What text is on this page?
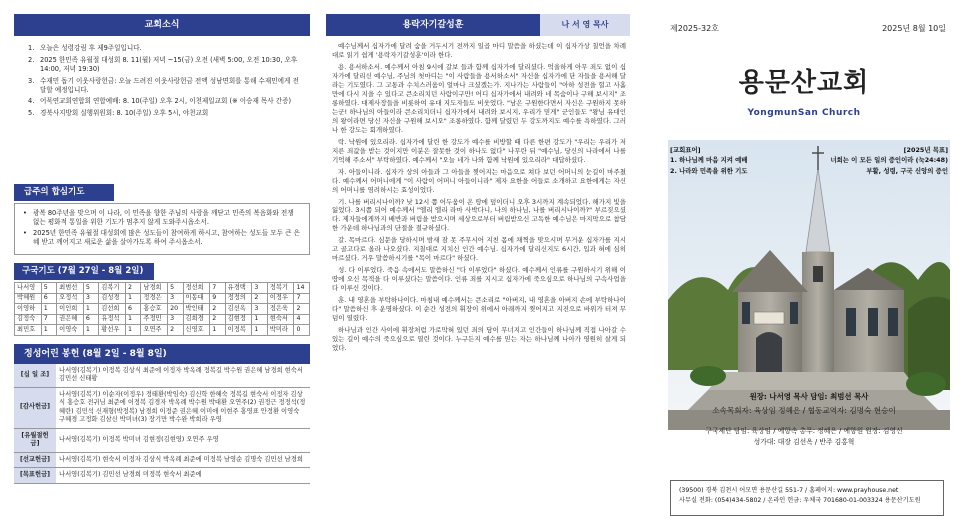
교회소식
1. 오늘은 성령강림 후 제9주일입니다.
2. 2025 한민족 유월절 대성회 8. 11(월) 저녁 ~15(금) 오전 (새벽 5:00, 오전 10:30, 오후 14:00, 저녁 19:30)
3. 수재민 돕기 이웃사랑헌금: 오늘 드려진 이웃사랑헌금 전액 성남면회를 통해 수재민에게 전달할 예정입니다.
4. 어묵연교회연합회 연합예배: 8. 10(주일) 오후 2시, 이천제일교회 (※ 이승재 목사 간증)
5. 경북사지방회 실행위원회: 8. 10(주일) 오후 5시, 야천교회
급주의 합심기도
• 광복 80주년을 맞으며 이 나라, 이 민족을 향한 주님의 사랑을 깨닫고 민족의 복음화와 전쟁 없는 평화적 통일을 위한 기도가 멈추지 않게 도와주시옵소서.
• 2025년 한민족 유월절 대성회에 많은 성도들이 참여하게 하시고, 참여하는 성도들 모두 큰 은혜 받고 깨어지고 새로운 삶을 살아가도록 하여 주시옵소서.
구국기도 (7월 27일 - 8월 2일)
나서영	5	최범선	5	김복기	2	남경희	5	정선희	7	유경택	3	정복기	14
박혜원	6	오정석	3	김성경	1	정경은	3	이동대	9	정정의	2	이정우	7
이영하	1	이인희	1	김선희	6	홍승호	20	박인태	2	김선옥	3	정은욱	2
김정숙	7	권은혜	6	유정석	1	주정민	3	김희경	2	김현정	1	현숙서	4
최민호	1	이영숙	1	황선우	1	오연주	2	신영호	1	이정복	1	박미라	0
정성어린 봉헌 (8월 2일 - 8월 8일)
[십 일 조]	나서영(김복기) 이정복 김상식 최준에 이정자 박옥례 정복길 박수원 권은혜 남경희 현숙서 김민선 신태황
[감사헌금]	나서영(김복기) 이순자(이정우) 정태환(박임숙) 김신학 한혜숙 정복길 현숙서 이정자 김상식 홍승호 전귀님 최준에 이정복 김경자 박옥례 박수원 박대환 오연주(2) 권정근 정정석(정혜란) 김민석 신재형(박정복) 남경희 이정준 권은혜 이미애 이현주 홍영표 안정환 이영숙 구혜경 고정화 김삼신 박미녀(3) 장기만 박수완 박희라 우영
[유월절헌금]	나서영(김복기) 이정복 박미녀 김현정(김현영) 오연주 우영
[선교헌금]	나서영(김복기) 현숙서 이정자 김상식 박옥례 최준에 미정복 남영순 김명숙 김민선 남경희
[목표헌금]	나서영(김복기) 김민선 남경희 미정복 현숙서 최준에
용락자기갈성훈	나 서 영 목사

예수님께서 십자가에 달려 숨을 거두시기 전까지 일곱 마디 말씀을 하셨는데 이 십자가상 칠언을 차례대로 읽기 쉽게 '용락자기갈성훈'이라 한다.

용. 용서하소서. 예수께서 아침 9시에 갈보 들과 함께 십자가에 달리셨다. 억울하게 아무 죄도 없이 십자가에 달리신 예수님, 주님의 첫마디는 "이 사람들을 용서하소서" 자신을 십자가에 단 자들을 용서해 달라는 기도였다. 그 고통과 수치스러움이 얼마나 크셨겠는가. 지나가는 사람들이 "아하 성전을 헐고 사흘 만에 다시 지을 수 있다고 큰소리치던 사람이구만! 어디 십자가에서 내려와 네 목숨이나 구해 보시지" 조롱하였다. 대제사장들을 비롯하여 유대 지도자들도 비웃었다. "남은 구원한다면서 자신은 구원하지 못하는군! 하나님의 아들이라 큰소리치더니 십자가에서 내려와 보시지, 우리가 믿게" 군인들도 "왕님 유대인의 왕이라면 당신 자신을 구원해 보시오" 조롱하였다. 함께 달렸던 두 강도까지도 예수를 욕하였다. 그러나 한 강도는 회개하였다.

락. 낙원에 있으리라. 십자가에 달린 한 강도가 예수를 비방할 때 다른 한편 강도가 "우리는 우리가 저지른 죄값을 받는 것이지만 이분은 잘못한 것이 하나도 없다" 나무란 뒤 "예수님, 당신의 나라에서 나를 기억해 주소서" 부탁하였다. 예수께서 "오늘 네가 나와 함께 낙원에 있으리라" 대답하셨다.

자. 아들이니라. 십자가 상의 아들과 그 아들을 찢어지는 마음으로 쳐다 보던 어머니의 눈길이 마주쳤다. 예수께서 어머니에게 "이 사람이 어머니 아들이니라" 제자 요한을 어들로 소개하고 요한에게는 자신의 어머니를 염려하시는 효성이었다.

기. 나를 버리시나이까? 낮 12시 쯤 어두움이 온 땅에 덮이더니 오후 3시까지 계속되었다. 해가지 빛을 잃었다. 3시쯤 되어 예수께서 "엘리 엘리 라마 사박다니, 나의 하나님, 나를 버리시나이까?" 부르짖으셨다. 제자들에게까지 배반과 버림을 받으시며 세상으로부터 버림받으신 고독한 예수님은 마지막으로 참담한 가운데 하나님과의 단절을 절규하셨다.

갈. 목마르다. 심문을 당하시며 밤새 잠 못 주무시어 지친 몸에 채찍을 맞으시며 무거운 십자가를 지시고 골고다로 올라 나오셨다. 지칠대로 지치신 인간 예수님. 십자가에 달리신지도 6시간, 입과 혀에 심히 마르셨다. 거우 말씀하시기를 "목이 마르다" 하셨다.

성. 다 이루었다. 죽음 속에서도 말씀하신 "다 이루었다" 하셨다. 예수께서 인류를 구원하시기 위해 이땅에 오신 목적을 다 이루셨다는 말씀이다. 인류 죄를 지시고 십자가에 죽으심으로 하나님의 구속사업을 다 이루신 것이다.

훈. 내 영혼을 부탁하나이다. 마침내 예수께서는 큰소리로 "아버지, 내 영혼을 아버지 손에 부탁하나이다" 말씀하신 후 운명하셨다. 이 순간 성전의 휘장이 위에서 아래까지 찢어지고 지진으로 바위가 터져 무덤이 열렸다.

하나님과 인간 사이에 휘장처럼 가로막혀 있던 죄의 담이 무너지고 인간들이 하나님께 직접 나아갈 수 있는 길이 예수의 죽으심으로 열린 것이다. 누구든지 예수를 믿는 자는 하나님께 나아가 영원히 살게 되었다.

제2025-32호	2025년 8월 10일
용문산교회
YongmunSan Church
[교회표어]
1. 하나님께 마음 지켜 예배
2. 나라와 민족을 위한 기도
[2025년 목표]
너희는 이 모든 일의 증인이라 (눅24:48)
부활, 성령, 구국 신앙의 증인
원장: 나서영 목사 담임: 최범선 목사
소속목회자: 육상임 정혜은 / 협동교역자: 김명숙 현승이
구국제단 담임: 육상임 / 예향속 총무: 정혜은 / 예향원 원장: 김영신
성가대: 대장 김선옥 / 반주 김홍혁
(39500) 경북 김천시 어모면 용문산길 551-7 / 홈페이지: www.prayhouse.net
사무실 전화: (054)434-5802 / 온라인 헌금: 우체국 701680-01-003324 용문산기도원
